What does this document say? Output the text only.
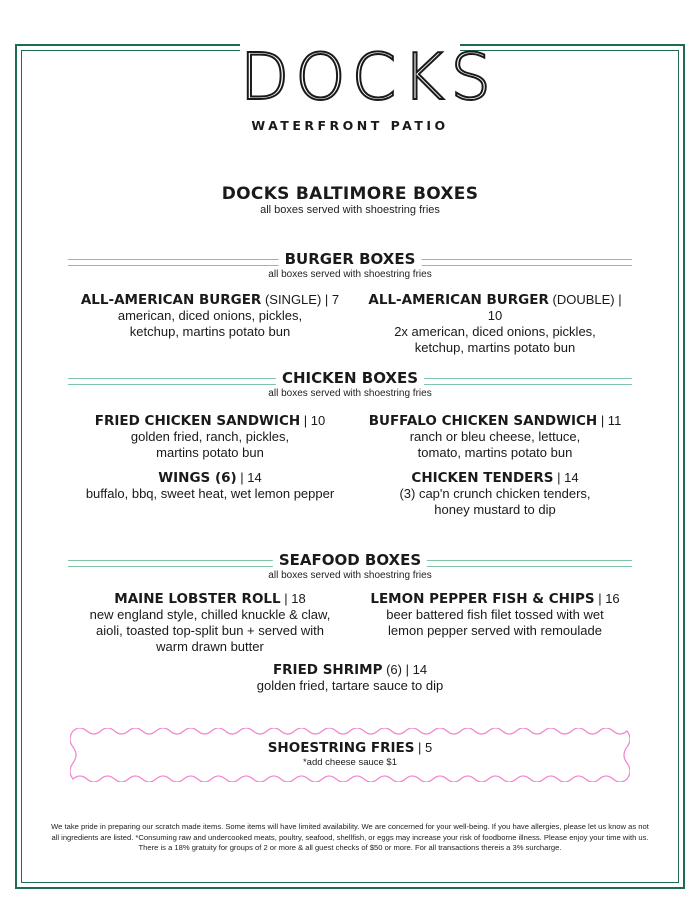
DOCKS
WATERFRONT PATIO
DOCKS BALTIMORE BOXES
all boxes served with shoestring fries
BURGER BOXES
all boxes served with shoestring fries
ALL-AMERICAN BURGER (SINGLE) | 7
american, diced onions, pickles,
ketchup, martins potato bun
ALL-AMERICAN BURGER (DOUBLE) | 10
2x american, diced onions, pickles,
ketchup, martins potato bun
CHICKEN BOXES
all boxes served with shoestring fries
FRIED CHICKEN SANDWICH | 10
golden fried, ranch, pickles,
martins potato bun
BUFFALO CHICKEN SANDWICH | 11
ranch or bleu cheese, lettuce,
tomato, martins potato bun
WINGS (6) | 14
buffalo, bbq, sweet heat, wet lemon pepper
CHICKEN TENDERS | 14
(3) cap'n crunch chicken tenders,
honey mustard to dip
SEAFOOD BOXES
all boxes served with shoestring fries
MAINE LOBSTER ROLL | 18
new england style, chilled knuckle & claw,
aioli, toasted top-split bun + served with
warm drawn butter
LEMON PEPPER FISH & CHIPS | 16
beer battered fish filet tossed with wet
lemon pepper served with remoulade
FRIED SHRIMP (6) | 14
golden fried, tartare sauce to dip
SHOESTRING FRIES | 5
*add cheese sauce $1
We take pride in preparing our scratch made items. Some items will have limited availability. We are concerned for your well-being. If you have allergies, please let us know as not
all ingredients are listed. *Consuming raw and undercooked meats, poultry, seafood, shellfish, or eggs may increase your risk of foodborne illness. Please enjoy your time with us.
There is a 18% gratuity for groups of 2 or more & all guest checks of $50 or more. For all transactions thereis a 3% surcharge.
